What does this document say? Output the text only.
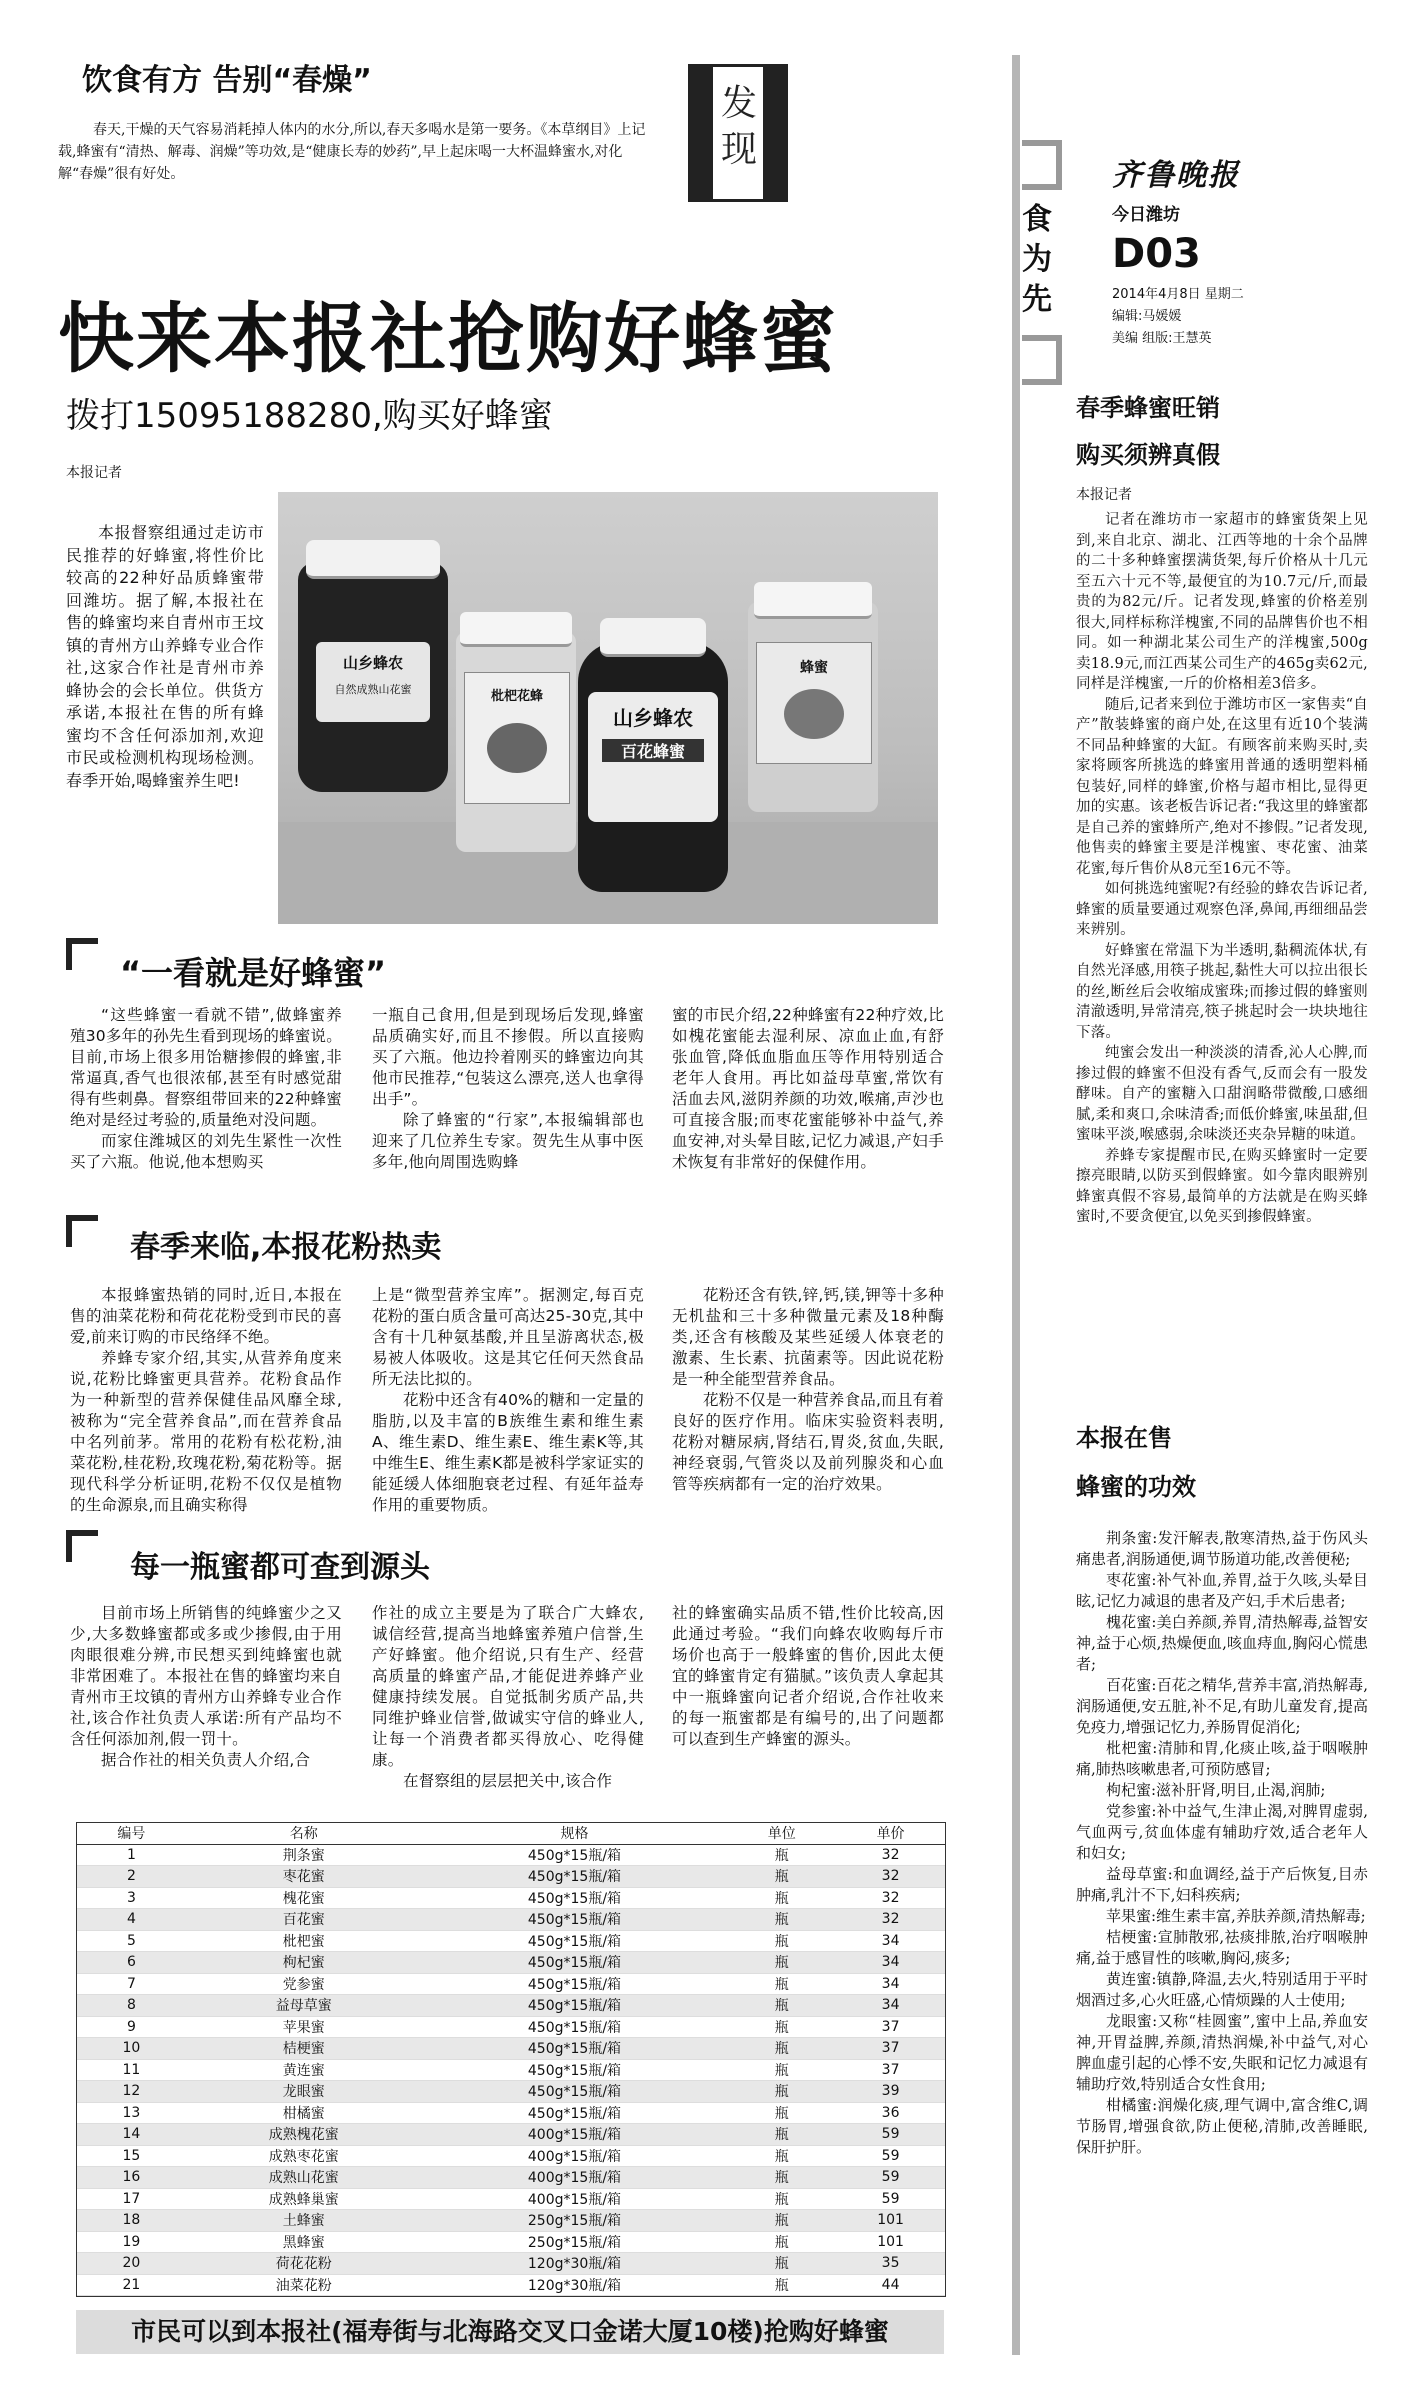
饮食有方 告别“春燥”
春天,干燥的天气容易消耗掉人体内的水分,所以,春天多喝水是第一要务。《本草纲目》上记载,蜂蜜有“清热、解毒、润燥”等功效,是“健康长寿的妙药”,早上起床喝一大杯温蜂蜜水,对化解“春燥”很有好处。
发现
食为先
齐鲁晚报
今日潍坊
D03
2014年4月8日 星期二
编辑:马媛媛
美编 组版:王慧英
快来本报社抢购好蜂蜜
拨打15095188280,购买好蜂蜜
本报记者

本报督察组通过走访市民推荐的好蜂蜜,将性价比较高的22种好品质蜂蜜带回潍坊。据了解,本报社在售的蜂蜜均来自青州市王坟镇的青州方山养蜂专业合作社,这家合作社是青州市养蜂协会的会长单位。供货方承诺,本报社在售的所有蜂蜜均不含任何添加剂,欢迎市民或检测机构现场检测。春季开始,喝蜂蜜养生吧!

山乡蜂农
自然成熟山花蜜	枇杷花蜂
山乡蜂农
百花蜂蜜
蜂蜜
“一看就是好蜂蜜”

“这些蜂蜜一看就不错”,做蜂蜜养殖30多年的孙先生看到现场的蜂蜜说。目前,市场上很多用饴糖掺假的蜂蜜,非常逼真,香气也很浓郁,甚至有时感觉甜得有些刺鼻。督察组带回来的22种蜂蜜绝对是经过考验的,质量绝对没问题。

而家住潍城区的刘先生紧性一次性买了六瓶。他说,他本想购买

一瓶自己食用,但是到现场后发现,蜂蜜品质确实好,而且不掺假。所以直接购买了六瓶。他边拎着刚买的蜂蜜边向其他市民推荐,“包装这么漂亮,送人也拿得出手”。

除了蜂蜜的“行家”,本报编辑部也迎来了几位养生专家。贺先生从事中医多年,他向周围选购蜂

蜜的市民介绍,22种蜂蜜有22种疗效,比如槐花蜜能去湿利尿、凉血止血,有舒张血管,降低血脂血压等作用特别适合老年人食用。再比如益母草蜜,常饮有活血去风,滋阴养颜的功效,喉痛,声沙也可直接含服;而枣花蜜能够补中益气,养血安神,对头晕目眩,记忆力减退,产妇手术恢复有非常好的保健作用。

春季来临,本报花粉热卖

本报蜂蜜热销的同时,近日,本报在售的油菜花粉和荷花花粉受到市民的喜爱,前来订购的市民络绎不绝。

养蜂专家介绍,其实,从营养角度来说,花粉比蜂蜜更具营养。花粉食品作为一种新型的营养保健佳品风靡全球,被称为“完全营养食品”,而在营养食品中名列前茅。常用的花粉有松花粉,油菜花粉,桂花粉,玫瑰花粉,菊花粉等。据现代科学分析证明,花粉不仅仅是植物的生命源泉,而且确实称得

上是“微型营养宝库”。据测定,每百克花粉的蛋白质含量可高达25-30克,其中含有十几种氨基酸,并且呈游离状态,极易被人体吸收。这是其它任何天然食品所无法比拟的。

花粉中还含有40%的糖和一定量的脂肪,以及丰富的B族维生素和维生素A、维生素D、维生素E、维生素K等,其中维生E、维生素K都是被科学家证实的能延缓人体细胞衰老过程、有延年益寿作用的重要物质。

花粉还含有铁,锌,钙,镁,钾等十多种无机盐和三十多种微量元素及18种酶类,还含有核酸及某些延缓人体衰老的激素、生长素、抗菌素等。因此说花粉是一种全能型营养食品。

花粉不仅是一种营养食品,而且有着良好的医疗作用。临床实验资料表明,花粉对糖尿病,肾结石,胃炎,贫血,失眠,神经衰弱,气管炎以及前列腺炎和心血管等疾病都有一定的治疗效果。

每一瓶蜜都可查到源头

目前市场上所销售的纯蜂蜜少之又少,大多数蜂蜜都或多或少掺假,由于用肉眼很难分辨,市民想买到纯蜂蜜也就非常困难了。本报社在售的蜂蜜均来自青州市王坟镇的青州方山养蜂专业合作社,该合作社负责人承诺:所有产品均不含任何添加剂,假一罚十。

据合作社的相关负责人介绍,合

作社的成立主要是为了联合广大蜂农,诚信经营,提高当地蜂蜜养殖户信誉,生产好蜂蜜。他介绍说,只有生产、经营高质量的蜂蜜产品,才能促进养蜂产业健康持续发展。自觉抵制劣质产品,共同维护蜂业信誉,做诚实守信的蜂业人,让每一个消费者都买得放心、吃得健康。

在督察组的层层把关中,该合作

社的蜂蜜确实品质不错,性价比较高,因此通过考验。“我们向蜂农收购每斤市场价也高于一般蜂蜜的售价,因此太便宜的蜂蜜肯定有猫腻。”该负责人拿起其中一瓶蜂蜜向记者介绍说,合作社收来的每一瓶蜜都是有编号的,出了问题都可以查到生产蜂蜜的源头。

编号	名称	规格	单位	单价
1	荆条蜜	450g*15瓶/箱	瓶	32
2	枣花蜜	450g*15瓶/箱	瓶	32
3	槐花蜜	450g*15瓶/箱	瓶	32
4	百花蜜	450g*15瓶/箱	瓶	32
5	枇杷蜜	450g*15瓶/箱	瓶	34
6	枸杞蜜	450g*15瓶/箱	瓶	34
7	党参蜜	450g*15瓶/箱	瓶	34
8	益母草蜜	450g*15瓶/箱	瓶	34
9	苹果蜜	450g*15瓶/箱	瓶	37
10	桔梗蜜	450g*15瓶/箱	瓶	37
11	黄连蜜	450g*15瓶/箱	瓶	37
12	龙眼蜜	450g*15瓶/箱	瓶	39
13	柑橘蜜	450g*15瓶/箱	瓶	36
14	成熟槐花蜜	400g*15瓶/箱	瓶	59
15	成熟枣花蜜	400g*15瓶/箱	瓶	59
16	成熟山花蜜	400g*15瓶/箱	瓶	59
17	成熟蜂巢蜜	400g*15瓶/箱	瓶	59
18	土蜂蜜	250g*15瓶/箱	瓶	101
19	黑蜂蜜	250g*15瓶/箱	瓶	101
20	荷花花粉	120g*30瓶/箱	瓶	35
21	油菜花粉	120g*30瓶/箱	瓶	44
市民可以到本报社(福寿街与北海路交叉口金诺大厦10楼)抢购好蜂蜜
春季蜂蜜旺销
购买须辨真假
本报记者

记者在潍坊市一家超市的蜂蜜货架上见到,来自北京、湖北、江西等地的十余个品牌的二十多种蜂蜜摆满货架,每斤价格从十几元至五六十元不等,最便宜的为10.7元/斤,而最贵的为82元/斤。记者发现,蜂蜜的价格差别很大,同样标称洋槐蜜,不同的品牌售价也不相同。如一种湖北某公司生产的洋槐蜜,500g卖18.9元,而江西某公司生产的465g卖62元,同样是洋槐蜜,一斤的价格相差3倍多。

随后,记者来到位于潍坊市区一家售卖“自产”散装蜂蜜的商户处,在这里有近10个装满不同品种蜂蜜的大缸。有顾客前来购买时,卖家将顾客所挑选的蜂蜜用普通的透明塑料桶包装好,同样的蜂蜜,价格与超市相比,显得更加的实惠。该老板告诉记者:“我这里的蜂蜜都是自己养的蜜蜂所产,绝对不掺假。”记者发现,他售卖的蜂蜜主要是洋槐蜜、枣花蜜、油菜花蜜,每斤售价从8元至16元不等。

如何挑选纯蜜呢?有经验的蜂农告诉记者,蜂蜜的质量要通过观察色泽,鼻闻,再细细品尝来辨别。

好蜂蜜在常温下为半透明,黏稠流体状,有自然光泽感,用筷子挑起,黏性大可以拉出很长的丝,断丝后会收缩成蜜珠;而掺过假的蜂蜜则清澈透明,异常清亮,筷子挑起时会一块块地往下落。

纯蜜会发出一种淡淡的清香,沁人心脾,而掺过假的蜂蜜不但没有香气,反而会有一股发酵味。自产的蜜糖入口甜润略带微酸,口感细腻,柔和爽口,余味清香;而低价蜂蜜,味虽甜,但蜜味平淡,喉感弱,余味淡还夹杂异糖的味道。

养蜂专家提醒市民,在购买蜂蜜时一定要擦亮眼睛,以防买到假蜂蜜。如今靠肉眼辨别蜂蜜真假不容易,最简单的方法就是在购买蜂蜜时,不要贪便宜,以免买到掺假蜂蜜。

本报在售
蜂蜜的功效

荆条蜜:发汗解表,散寒清热,益于伤风头痛患者,润肠通便,调节肠道功能,改善便秘;

枣花蜜:补气补血,养胃,益于久咳,头晕目眩,记忆力减退的患者及产妇,手术后患者;

槐花蜜:美白养颜,养胃,清热解毒,益智安神,益于心烦,热燥便血,咳血痔血,胸闷心慌患者;

百花蜜:百花之精华,营养丰富,消热解毒,润肠通便,安五脏,补不足,有助儿童发育,提高免疫力,增强记忆力,养肠胃促消化;

枇杷蜜:清肺和胃,化痰止咳,益于咽喉肿痛,肺热咳嗽患者,可预防感冒;

枸杞蜜:滋补肝肾,明目,止渴,润肺;

党参蜜:补中益气,生津止渴,对脾胃虚弱,气血两亏,贫血体虚有辅助疗效,适合老年人和妇女;

益母草蜜:和血调经,益于产后恢复,目赤肿痛,乳汁不下,妇科疾病;

苹果蜜:维生素丰富,养肤养颜,清热解毒;

桔梗蜜:宣肺散邪,祛痰排脓,治疗咽喉肿痛,益于感冒性的咳嗽,胸闷,痰多;

黄连蜜:镇静,降温,去火,特别适用于平时烟酒过多,心火旺盛,心情烦躁的人士使用;

龙眼蜜:又称“桂圆蜜”,蜜中上品,养血安神,开胃益脾,养颜,清热润燥,补中益气,对心脾血虚引起的心悸不安,失眠和记忆力减退有辅助疗效,特别适合女性食用;

柑橘蜜:润燥化痰,理气调中,富含维C,调节肠胃,增强食欲,防止便秘,清肺,改善睡眠,保肝护肝。
